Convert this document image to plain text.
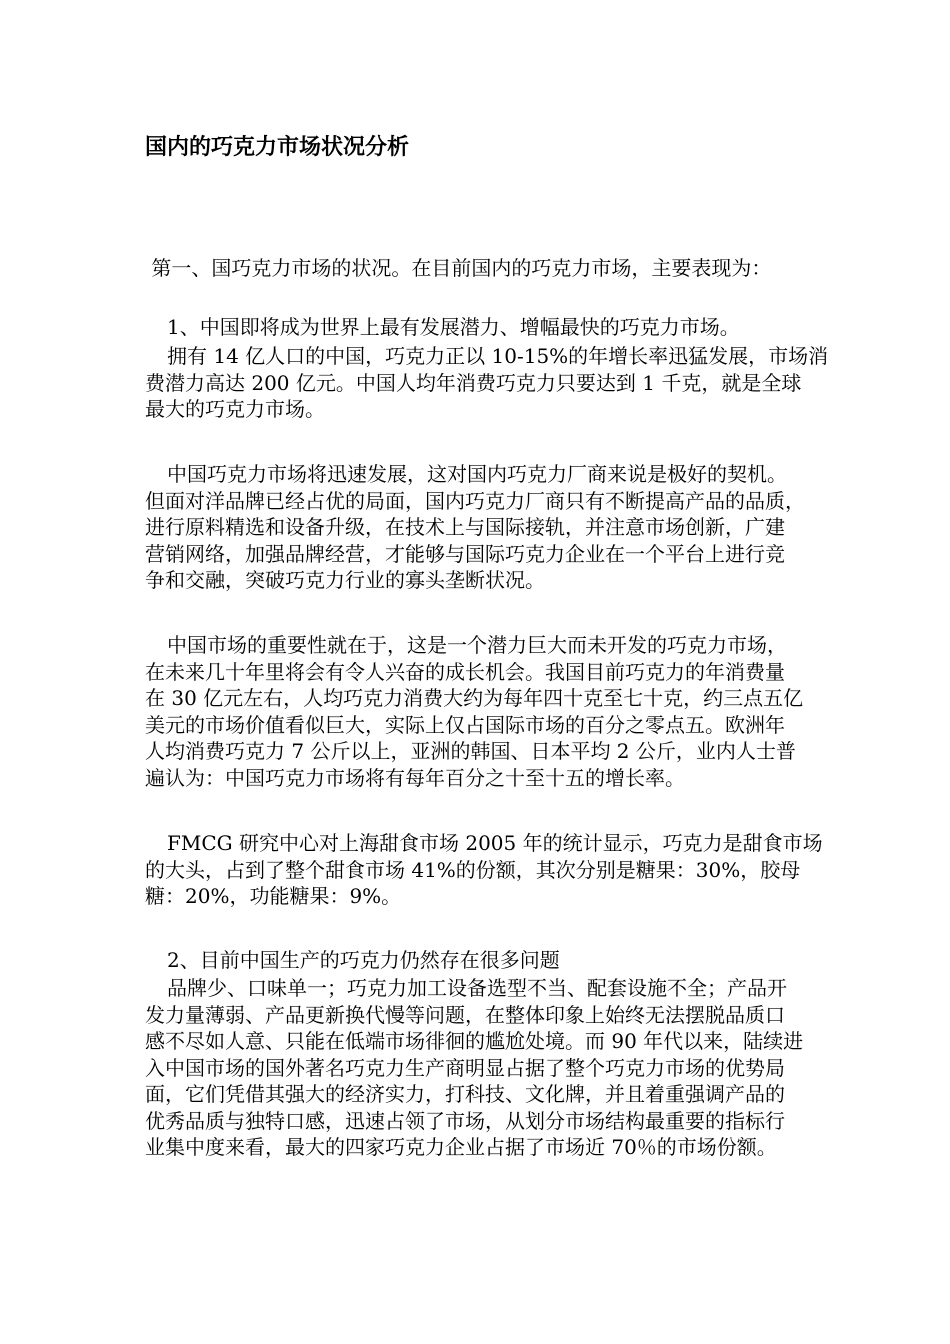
国内的巧克力市场状况分析

第一、国巧克力市场的状况。在目前国内的巧克力市场，主要表现为：

1、中国即将成为世界上最有发展潜力、增幅最快的巧克力市场。

拥有 14 亿人口的中国，巧克力正以 10-15%的年增长率迅猛发展，市场消
费潜力高达 200 亿元。中国人均年消费巧克力只要达到 1 千克，就是全球
最大的巧克力市场。

中国巧克力市场将迅速发展，这对国内巧克力厂商来说是极好的契机。
但面对洋品牌已经占优的局面，国内巧克力厂商只有不断提高产品的品质，
进行原料精选和设备升级，在技术上与国际接轨，并注意市场创新，广建
营销网络，加强品牌经营，才能够与国际巧克力企业在一个平台上进行竞
争和交融，突破巧克力行业的寡头垄断状况。

中国市场的重要性就在于，这是一个潜力巨大而未开发的巧克力市场，
在未来几十年里将会有令人兴奋的成长机会。我国目前巧克力的年消费量
在 30 亿元左右，人均巧克力消费大约为每年四十克至七十克，约三点五亿
美元的市场价值看似巨大，实际上仅占国际市场的百分之零点五。欧洲年
人均消费巧克力 7 公斤以上，亚洲的韩国、日本平均 2 公斤，业内人士普
遍认为：中国巧克力市场将有每年百分之十至十五的增长率。

FMCG 研究中心对上海甜食市场 2005 年的统计显示，巧克力是甜食市场
的大头，占到了整个甜食市场 41%的份额，其次分别是糖果：30%，胶母
糖：20%，功能糖果：9%。

2、目前中国生产的巧克力仍然存在很多问题

品牌少、口味单一；巧克力加工设备选型不当、配套设施不全；产品开
发力量薄弱、产品更新换代慢等问题，在整体印象上始终无法摆脱品质口
感不尽如人意、只能在低端市场徘徊的尴尬处境。而 90 年代以来，陆续进
入中国市场的国外著名巧克力生产商明显占据了整个巧克力市场的优势局
面，它们凭借其强大的经济实力，打科技、文化牌，并且着重强调产品的
优秀品质与独特口感，迅速占领了市场，从划分市场结构最重要的指标行
业集中度来看，最大的四家巧克力企业占据了市场近 70％的市场份额。
